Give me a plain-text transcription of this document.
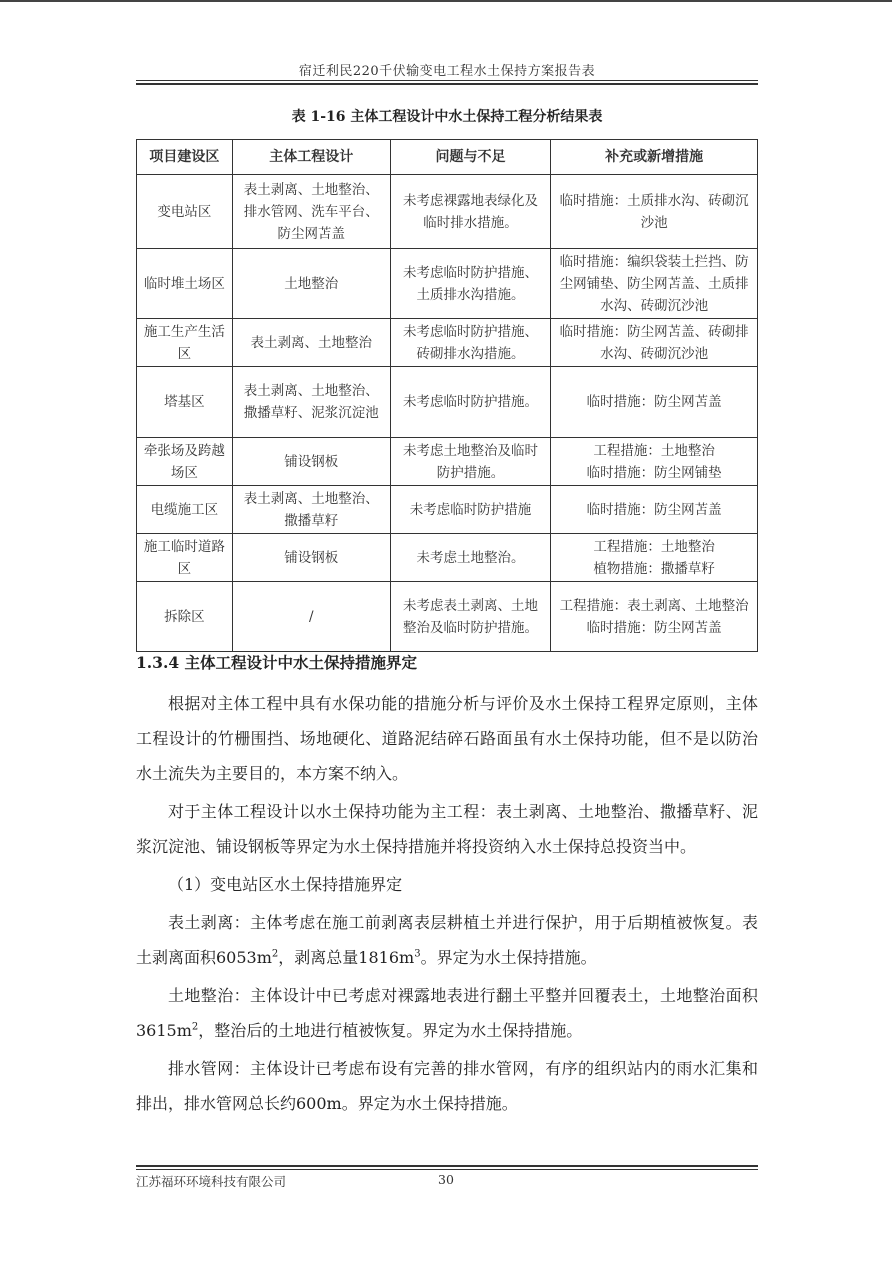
宿迁利民220千伏输变电工程水土保持方案报告表
表 1-16 主体工程设计中水土保持工程分析结果表
项目建设区	主体工程设计	问题与不足	补充或新增措施
变电站区	表土剥离、土地整治、排水管网、洗车平台、防尘网苫盖	未考虑裸露地表绿化及临时排水措施。	临时措施：土质排水沟、砖砌沉沙池

临时堆土场区	土地整治	未考虑临时防护措施、土质排水沟措施。	临时措施：编织袋装土拦挡、防尘网铺垫、防尘网苫盖、土质排水沟、砖砌沉沙池

施工生产生活区	表土剥离、土地整治	未考虑临时防护措施、砖砌排水沟措施。	临时措施：防尘网苫盖、砖砌排水沟、砖砌沉沙池

塔基区	表土剥离、土地整治、撒播草籽、泥浆沉淀池	未考虑临时防护措施。	临时措施：防尘网苫盖

牵张场及跨越场区	铺设钢板	未考虑土地整治及临时防护措施。	工程措施：土地整治
临时措施：防尘网铺垫

电缆施工区	表土剥离、土地整治、撒播草籽	未考虑临时防护措施	临时措施：防尘网苫盖

施工临时道路区	铺设钢板	未考虑土地整治。	工程措施：土地整治
植物措施：撒播草籽

拆除区	/	未考虑表土剥离、土地整治及临时防护措施。	工程措施：表土剥离、土地整治
临时措施：防尘网苫盖
1.3.4 主体工程设计中水土保持措施界定

根据对主体工程中具有水保功能的措施分析与评价及水土保持工程界定原则，主体工程设计的竹栅围挡、场地硬化、道路泥结碎石路面虽有水土保持功能，但不是以防治水土流失为主要目的，本方案不纳入。

对于主体工程设计以水土保持功能为主工程：表土剥离、土地整治、撒播草籽、泥浆沉淀池、铺设钢板等界定为水土保持措施并将投资纳入水土保持总投资当中。

（1）变电站区水土保持措施界定

表土剥离：主体考虑在施工前剥离表层耕植土并进行保护，用于后期植被恢复。表土剥离面积$6053m^2$，剥离总量$1816m^3$。界定为水土保持措施。

土地整治：主体设计中已考虑对裸露地表进行翻土平整并回覆表土，土地整治面积$3615m^2$，整治后的土地进行植被恢复。界定为水土保持措施。

排水管网：主体设计已考虑布设有完善的排水管网，有序的组织站内的雨水汇集和排出，排水管网总长约600m。界定为水土保持措施。

江苏福环环境科技有限公司	30
